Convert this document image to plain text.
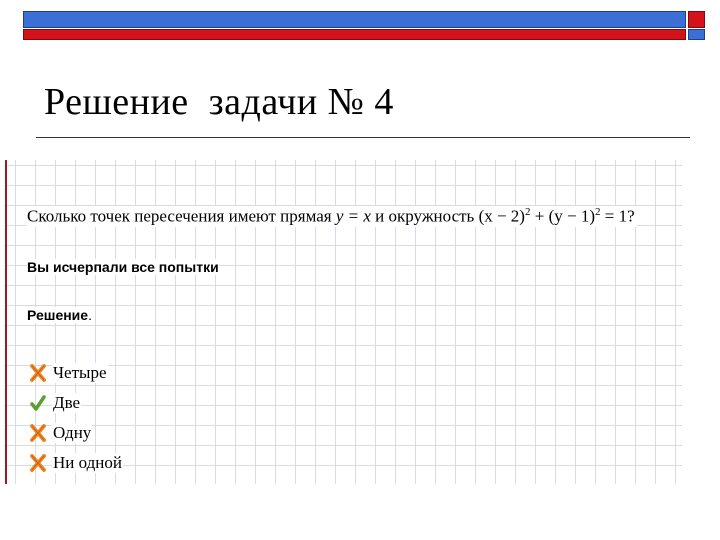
Решение  задачи № 4
Сколько точек пересечения имеют прямая y = x и окружность $(x - 2)^2 + (y - 1)^2 = 1$?
Вы исчерпали все попытки
Решение.
Четыре
Две
Одну
Ни одной
